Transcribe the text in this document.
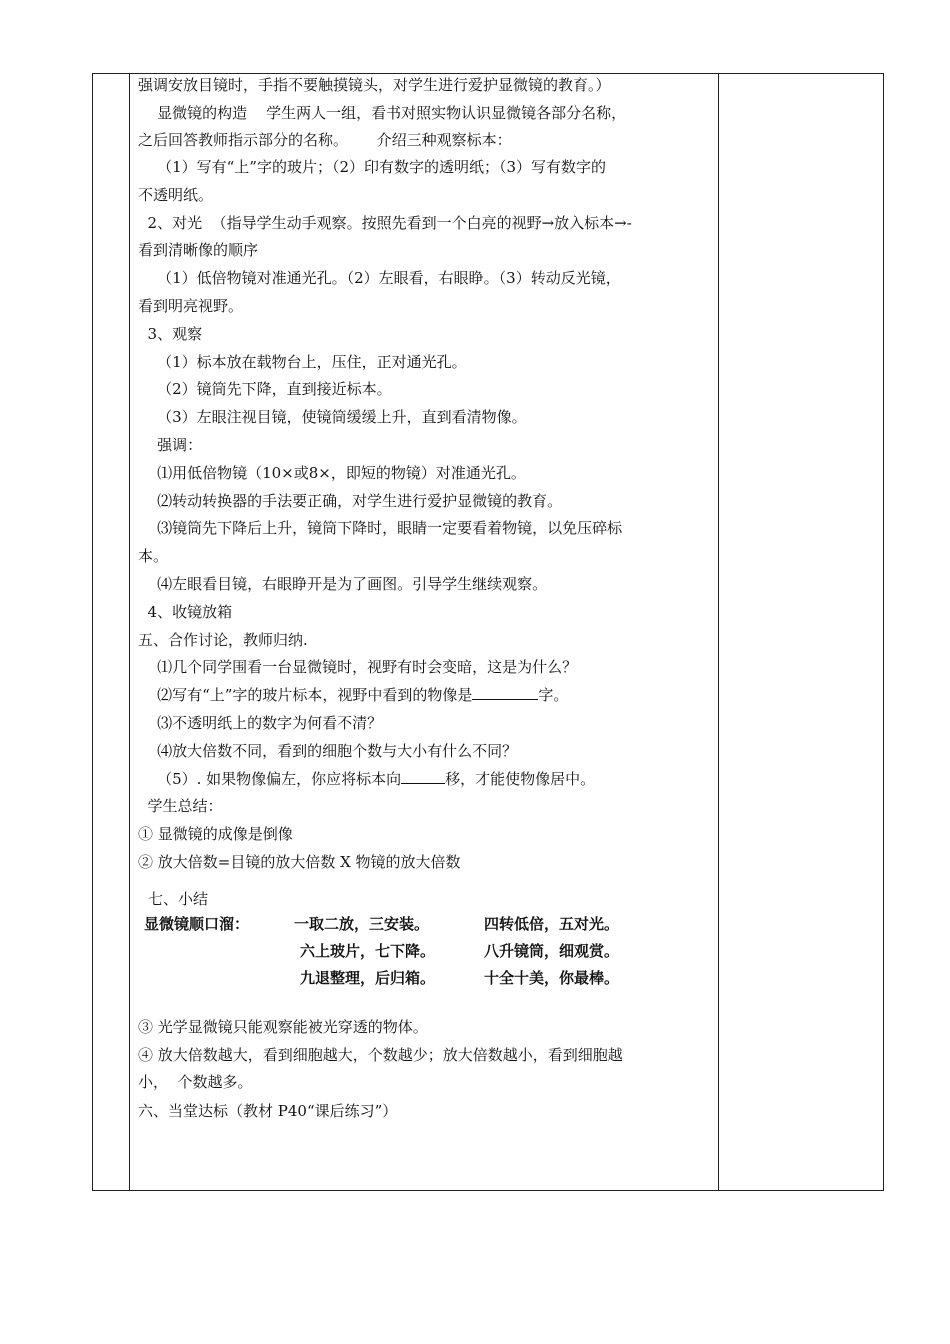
强调安放目镜时，手指不要触摸镜头，对学生进行爱护显微镜的教育。）
显微镜的构造    学生两人一组，看书对照实物认识显微镜各部分名称，
之后回答教师指示部分的名称。      介绍三种观察标本：
（1）写有“上”字的玻片；（2）印有数字的透明纸；（3）写有数字的
不透明纸。
2、对光  （指导学生动手观察。按照先看到一个白亮的视野→放入标本→-
看到清晰像的顺序
（1）低倍物镜对准通光孔。（2）左眼看，右眼睁。（3）转动反光镜，
看到明亮视野。
3、观察
（1）标本放在载物台上，压住，正对通光孔。
（2）镜筒先下降，直到接近标本。
（3）左眼注视目镜，使镜筒缓缓上升，直到看清物像。
强调：
⑴用低倍物镜（10×或8×，即短的物镜）对准通光孔。
⑵转动转换器的手法要正确，对学生进行爱护显微镜的教育。
⑶镜筒先下降后上升，镜筒下降时，眼睛一定要看着物镜，以免压碎标
本。
⑷左眼看目镜，右眼睁开是为了画图。引导学生继续观察。
4、收镜放箱
五、合作讨论，教师归纳.
⑴几个同学围看一台显微镜时，视野有时会变暗，这是为什么？
⑵写有“上”字的玻片标本，视野中看到的物像是	字。
⑶不透明纸上的数字为何看不清？
⑷放大倍数不同，看到的细胞个数与大小有什么不同？
（5）. 如果物像偏左，你应将标本向	移，才能使物像居中。
学生总结：
① 显微镜的成像是倒像
② 放大倍数=目镜的放大倍数 X 物镜的放大倍数
③ 光学显微镜只能观察能被光穿透的物体。
④ 放大倍数越大，看到细胞越大，个数越少；放大倍数越小，看到细胞越
小，  个数越多。
六、当堂达标（教材 P40“课后练习”）
七、小结
显微镜顺口溜：	一取二放，三安装。	四转低倍，五对光。
六上玻片，七下降。	八升镜筒，细观赏。
九退整理，后归箱。	十全十美，你最棒。
